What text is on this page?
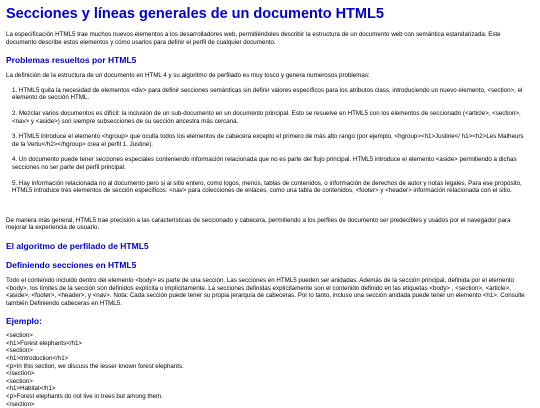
Secciones y líneas generales de un documento HTML5

La especificación HTML5 trae muchos nuevos elementos a los desarrolladores web, permitiéndoles describir la estructura de un documento web con semántica estandarizada. Este documento describe estos elementos y cómo usarlos para definir el perfil de cualquier documento.

Problemas resueltos por HTML5

La definición de la estructura de un documento en HTML 4 y su algoritmo de perfilado es muy tosco y genera numerosos problemas:

1. HTML5 quita la necesidad de elementos <div> para definir secciones semánticas sin definir valores específicos para los atributos class, introduciendo un nuevo elemento, <section>, el elemento de sección HTML.
2. Mezclar varios documentos es difícil: la inclusión de un sub-documento en un documento principal. Esto se resuelve en HTML5 con los elementos de seccionado (<article>, <section>, <nav> y <aside>) son siempre subsecciones de su sección ancestra más cercana.
3. HTML5 introduce el elemento <hgroup> que oculta todos los elementos de cabecera excepto el primero de más alto rango (por ejemplo, <hgroup><h1>Justine</ h1><h2>Les Malheurs de la Vertu</h2></hgroup> crea el perfil 1. Justine).
4. Un documento puede tener secciones especiales conteniendo información relacionada que no es parte del flujo principal. HTML5 introduce el elemento <aside> permitiendo a dichas secciones no ser parte del perfil principal.
5. Hay información relacionada no al documento pero si al sitio entero, como logos, menús, tablas de contenidos, o información de derechos de autor y notas legales. Para ese propósito, HTML5 introduce tres elementos de sección específicos: <nav> para colecciones de enlaces, como una tabla de contenidos, <footer> y <header> información relacionada con el sitio.

De manera más general, HTML5 trae precisión a las características de seccionado y cabecera, permitiendo a los perfiles de documento ser predecibles y usados por el navegador para mejorar la experiencia de usuario.

El algoritmo de perfilado de HTML5
Definiendo secciones en HTML5

Todo el contenido incluido dentro del elemento <body> es parte de una sección. Las secciones en HTML5 pueden ser anidadas. Además de la sección principal, definida por el elemento <body>, los límites de la sección son definidos explícita o implícitamente. La secciones definidas explícitamente son el contenido definido en las etiquetas <body> , <section>, <article>, <aside>, <footer>, <header>, y <nav>. Nota: Cada sección puede tener su propia jerarquía de cabeceras. Por lo tanto, incluso una sección anidada puede tener un elemento <h1>. Consulte también Definiendo cabeceras en HTML5.

Ejemplo:
<section>
<h1>Forest elephants</h1>
<section>
<h1>Introduction</h1>
<p>In this section, we discuss the lesser known forest elephants.
</section>
<section>
<h1>Habitat</h1>
<p>Forest elephants do not live in trees but among them.
</section>
